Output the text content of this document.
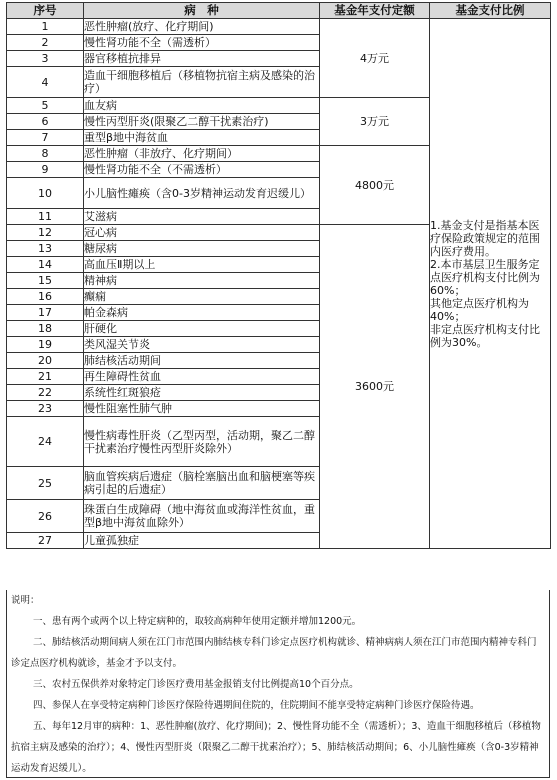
序号	病　种	基金年支付定额	基金支付比例
1	恶性肿瘤(放疗、化疗期间)	4万元	1.基金支付是指基本医疗保险政策规定的范围内医疗费用。

2.本市基层卫生服务定点医疗机构支付比例为60%；

其他定点医疗机构为40%；

非定点医疗机构支付比例为30%。

2	慢性肾功能不全（需透析）		
3	器官移植抗排异		
4	造血干细胞移植后（移植物抗宿主病及感染的治疗）		
5	血友病	3万元	
6	慢性丙型肝炎(限聚乙二醇干扰素治疗)		
7	重型β地中海贫血		
8	恶性肿瘤（非放疗、化疗期间）	4800元	
9	慢性肾功能不全（不需透析）		
10	小儿脑性瘫痪（含0-3岁精神运动发育迟缓儿）		
11	艾滋病		
12	冠心病	3600元	
13	糖尿病		
14	高血压Ⅱ期以上		
15	精神病		
16	癫痫		
17	帕金森病		
18	肝硬化		
19	类风湿关节炎		
20	肺结核活动期间		
21	再生障碍性贫血		
22	系统性红斑狼疮		
23	慢性阻塞性肺气肿		
24	慢性病毒性肝炎（乙型丙型，活动期，聚乙二醇干扰素治疗慢性丙型肝炎除外）		
25	脑血管疾病后遗症（脑栓塞脑出血和脑梗塞等疾病引起的后遗症）		
26	珠蛋白生成障碍（地中海贫血或海洋性贫血，重型β地中海贫血除外）		
27	儿童孤独症		

说明：

一、患有两个或两个以上特定病种的，取较高病种年使用定额并增加1200元。

二、肺结核活动期间病人须在江门市范围内肺结核专科门诊定点医疗机构就诊、精神病病人须在江门市范围内精神专科门诊定点医疗机构就诊，基金才予以支付。

三、农村五保供养对象特定门诊医疗费用基金报销支付比例提高10个百分点。

四、参保人在享受特定病种门诊医疗保险待遇期间住院的，住院期间不能享受特定病种门诊医疗保险待遇。

五、每年12月审的病种：1、恶性肿瘤(放疗、化疗期间)；2、慢性肾功能不全（需透析）；3、造血干细胞移植后（移植物抗宿主病及感染的治疗）；4、慢性丙型肝炎（限聚乙二醇干扰素治疗）；5、肺结核活动期间；6、小儿脑性瘫痪（含0-3岁精神运动发育迟缓儿）。
